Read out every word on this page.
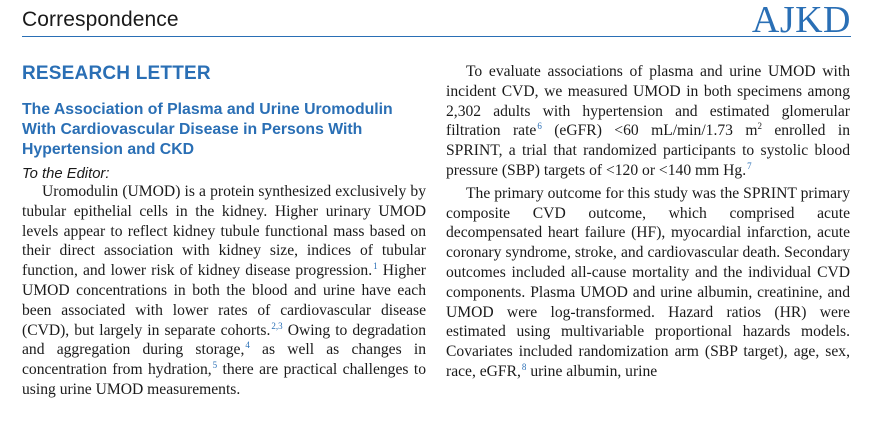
Correspondence	AJKD
RESEARCH LETTER
The Association of Plasma and Urine Uromodulin With Cardiovascular Disease in Persons With Hypertension and CKD
To the Editor:

Uromodulin (UMOD) is a protein synthesized exclusively by tubular epithelial cells in the kidney. Higher urinary UMOD levels appear to reflect kidney tubule functional mass based on their direct association with kidney size, indices of tubular function, and lower risk of kidney disease progression.$^1$ Higher UMOD concentrations in both the blood and urine have each been associated with lower rates of cardiovascular disease (CVD), but largely in separate cohorts.$^{2,3}$ Owing to degradation and aggregation during storage,$^4$ as well as changes in concentration from hydration,$^5$ there are practical challenges to using urine UMOD measurements.

To evaluate associations of plasma and urine UMOD with incident CVD, we measured UMOD in both specimens among 2,302 adults with hypertension and estimated glomerular filtration rate$^6$ (eGFR) <60 mL/min/1.73 $m^2$ enrolled in SPRINT, a trial that randomized participants to systolic blood pressure (SBP) targets of <120 or <140 mm Hg.$^7$

The primary outcome for this study was the SPRINT primary composite CVD outcome, which comprised acute decompensated heart failure (HF), myocardial infarction, acute coronary syndrome, stroke, and cardiovascular death. Secondary outcomes included all-cause mortality and the individual CVD components. Plasma UMOD and urine albumin, creatinine, and UMOD were log-transformed. Hazard ratios (HR) were estimated using multivariable proportional hazards models. Covariates included randomization arm (SBP target), age, sex, race, eGFR,$^8$ urine albumin, urine
